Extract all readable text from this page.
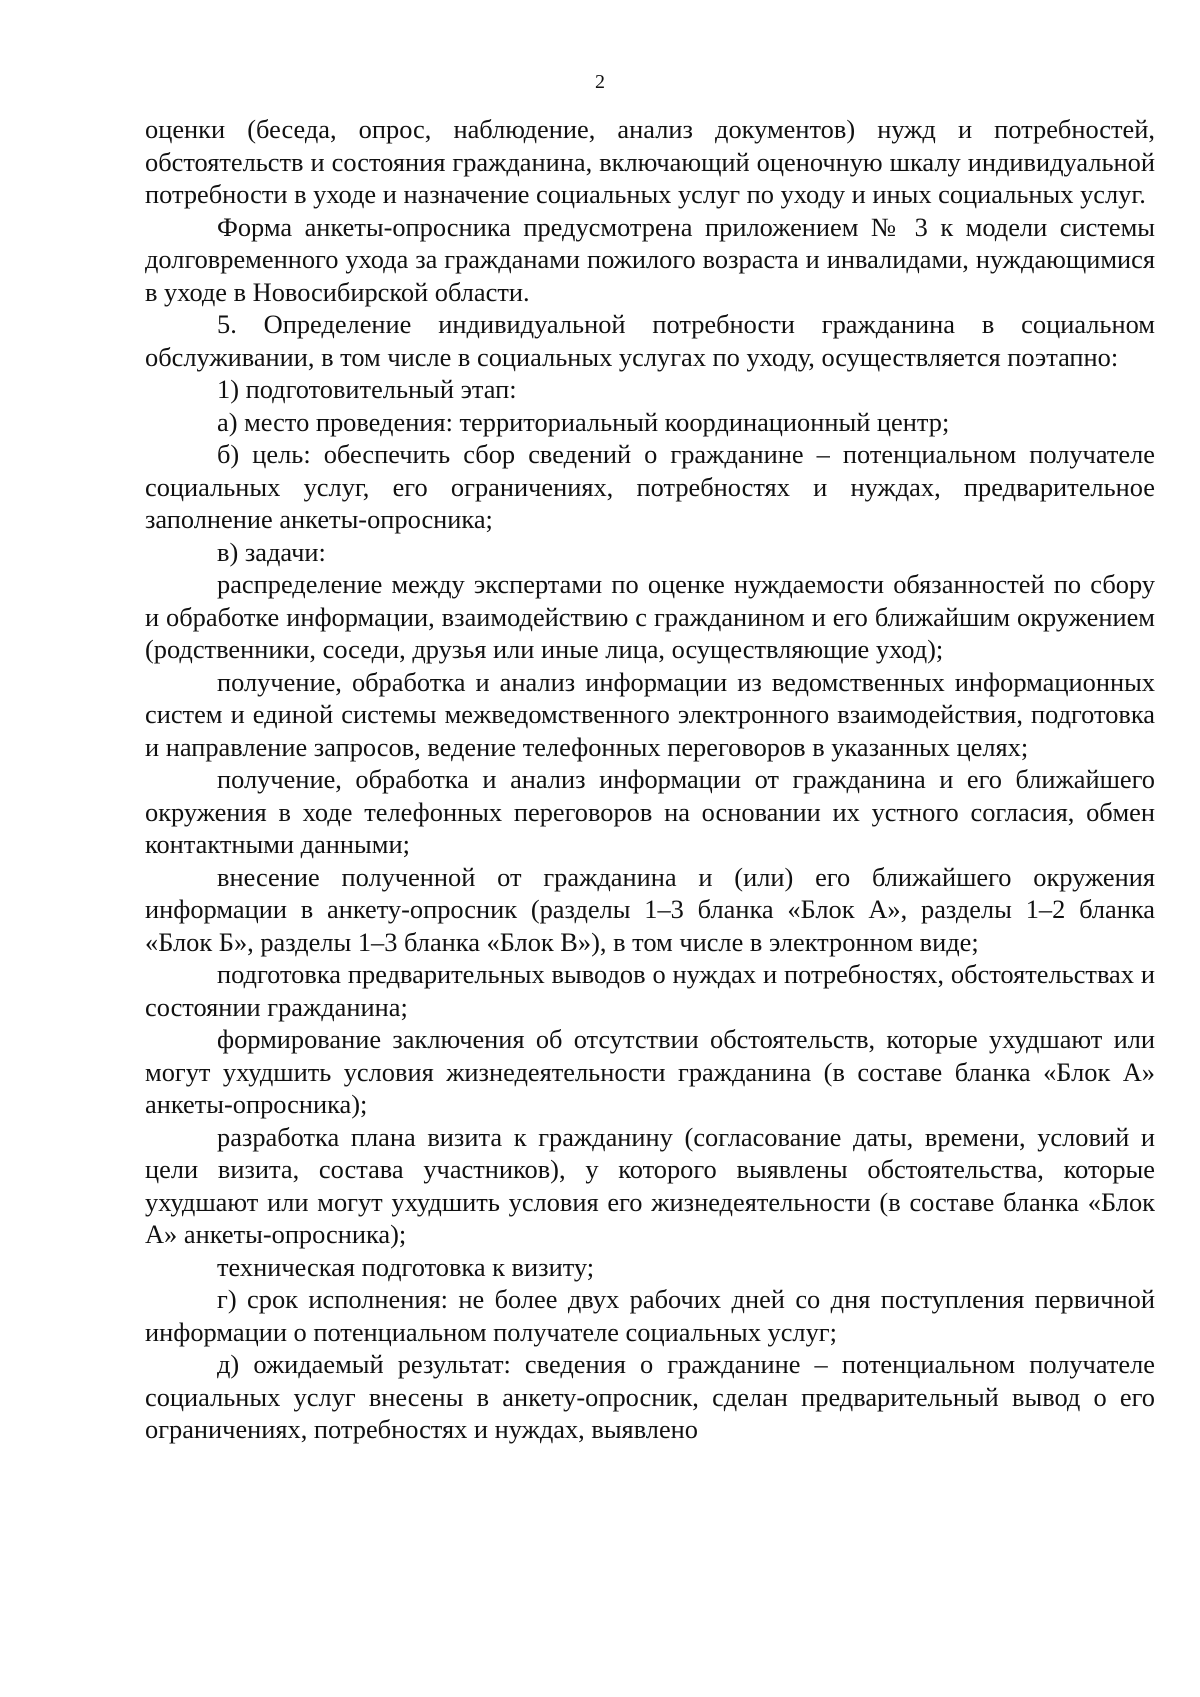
2

оценки (беседа, опрос, наблюдение, анализ документов) нужд и потребностей, обстоятельств и состояния гражданина, включающий оценочную шкалу индивидуальной потребности в уходе и назначение социальных услуг по уходу и иных социальных услуг.

Форма анкеты-опросника предусмотрена приложением № 3 к модели системы долговременного ухода за гражданами пожилого возраста и инвалидами, нуждающимися в уходе в Новосибирской области.

5. Определение индивидуальной потребности гражданина в социальном обслуживании, в том числе в социальных услугах по уходу, осуществляется поэтапно:

1) подготовительный этап:

а) место проведения: территориальный координационный центр;

б) цель: обеспечить сбор сведений о гражданине – потенциальном получателе социальных услуг, его ограничениях, потребностях и нуждах, предварительное заполнение анкеты-опросника;

в) задачи:

распределение между экспертами по оценке нуждаемости обязанностей по сбору и обработке информации, взаимодействию с гражданином и его ближайшим окружением (родственники, соседи, друзья или иные лица, осуществляющие уход);

получение, обработка и анализ информации из ведомственных информационных систем и единой системы межведомственного электронного взаимодействия, подготовка и направление запросов, ведение телефонных переговоров в указанных целях;

получение, обработка и анализ информации от гражданина и его ближайшего окружения в ходе телефонных переговоров на основании их устного согласия, обмен контактными данными;

внесение полученной от гражданина и (или) его ближайшего окружения информации в анкету-опросник (разделы 1–3 бланка «Блок А», разделы 1–2 бланка «Блок Б», разделы 1–3 бланка «Блок В»), в том числе в электронном виде;

подготовка предварительных выводов о нуждах и потребностях, обстоятельствах и состоянии гражданина;

формирование заключения об отсутствии обстоятельств, которые ухудшают или могут ухудшить условия жизнедеятельности гражданина (в составе бланка «Блок А» анкеты-опросника);

разработка плана визита к гражданину (согласование даты, времени, условий и цели визита, состава участников), у которого выявлены обстоятельства, которые ухудшают или могут ухудшить условия его жизнедеятельности (в составе бланка «Блок А» анкеты-опросника);

техническая подготовка к визиту;

г) срок исполнения: не более двух рабочих дней со дня поступления первичной информации о потенциальном получателе социальных услуг;

д) ожидаемый результат: сведения о гражданине – потенциальном получателе социальных услуг внесены в анкету-опросник, сделан предварительный вывод о его ограничениях, потребностях и нуждах, выявлено
